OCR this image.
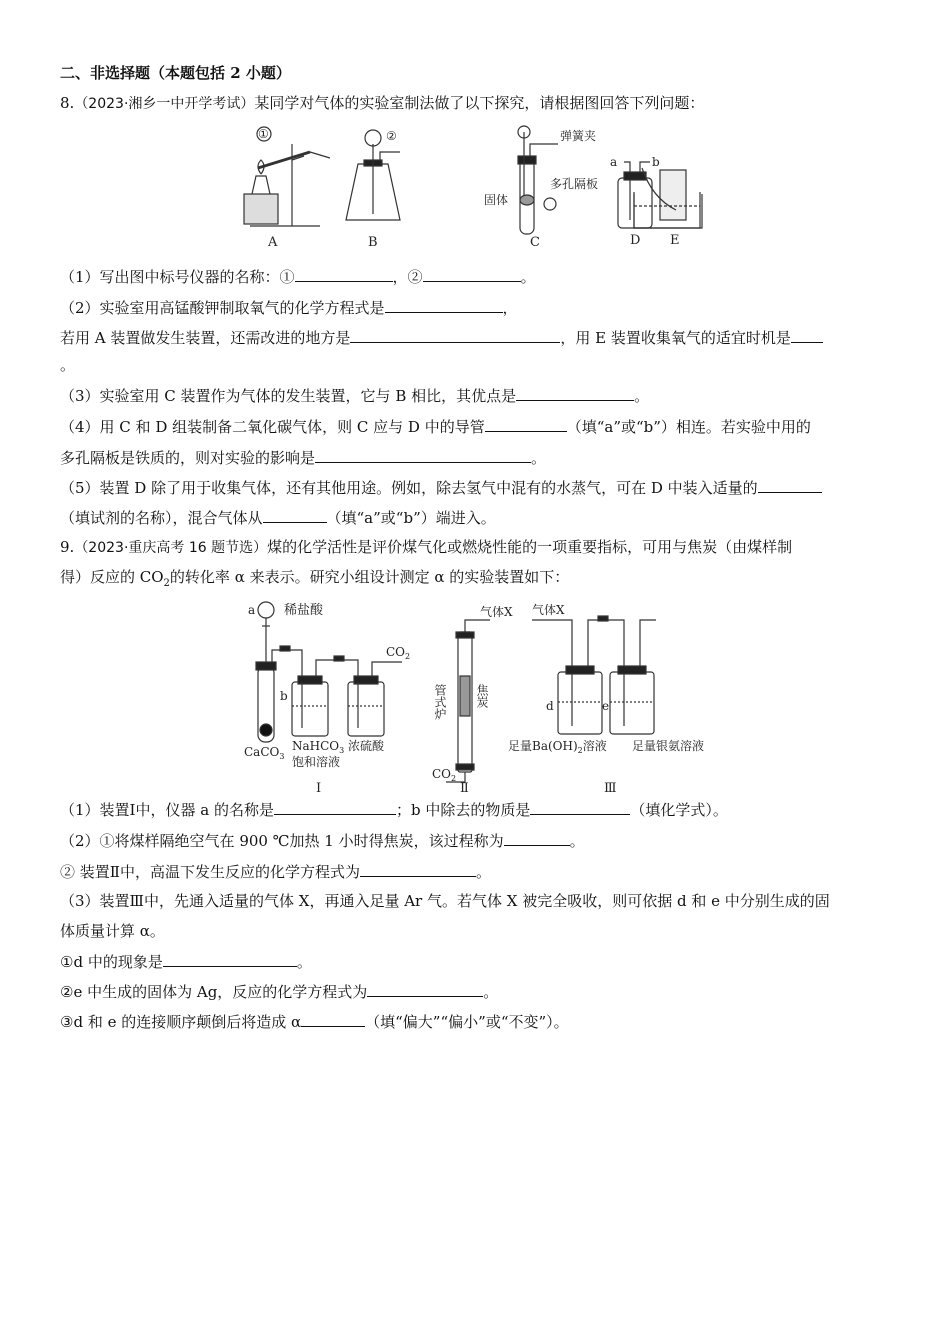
二、非选择题（本题包括 2 小题）
8.（2023·湘乡一中开学考试）某同学对气体的实验室制法做了以下探究，请根据图回答下列问题：
①
A
②
B
弹簧夹
固体
多孔隔板
C
a	b
D E
（1）写出图中标号仪器的名称：①	，②	。
（2）实验室用高锰酸钾制取氧气的化学方程式是	，
若用 A 装置做发生装置，还需改进的地方是	，用 E 装置收集氧气的适宜时机是
。
（3）实验室用 C 装置作为气体的发生装置，它与 B 相比，其优点是	。
（4）用 C 和 D 组装制备二氧化碳气体，则 C 应与 D 中的导管	（填“a”或“b”）相连。若实验中用的
多孔隔板是铁质的，则对实验的影响是	。
（5）装置 D 除了用于收集气体，还有其他用途。例如，除去氢气中混有的水蒸气，可在 D 中装入适量的
（填试剂的名称），混合气体从	（填“a”或“b”）端进入。
9.（2023·重庆高考 16 题节选）煤的化学活性是评价煤气化或燃烧性能的一项重要指标，可用与焦炭（由煤样制
得）反应的 $CO_2$的转化率 α 来表示。研究小组设计测定 α 的实验装置如下：
稀盐酸
a
b
CaCO$_3$
NaHCO$_3$
饱和溶液
浓硫酸
$CO_2$
Ⅰ
气体X
管式炉 焦炭
$CO_2$
Ⅱ
气体X
d	e
足量$Ba(OH)_2$溶液 足量银氨溶液
Ⅲ
（1）装置Ⅰ中，仪器 a 的名称是	；b 中除去的物质是	（填化学式）。
（2）①将煤样隔绝空气在 900 ℃加热 1 小时得焦炭，该过程称为	。
② 装置Ⅱ中，高温下发生反应的化学方程式为	。
（3）装置Ⅲ中，先通入适量的气体 X，再通入足量 Ar 气。若气体 X 被完全吸收，则可依据 d 和 e 中分别生成的固
体质量计算 α。
①d 中的现象是	。
②e 中生成的固体为 Ag，反应的化学方程式为	。
③d 和 e 的连接顺序颠倒后将造成 α	（填“偏大”“偏小”或“不变”）。
